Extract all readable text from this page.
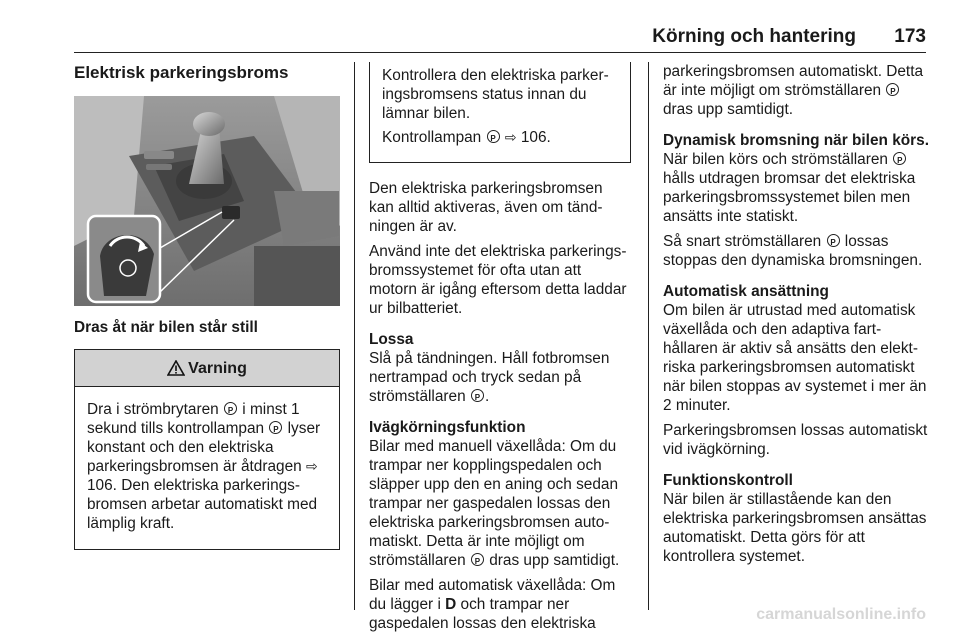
Körning och hantering 173
Elektrisk parkeringsbroms
Dras åt när bilen står still
Varning
Dra i strömbrytaren P i minst 1 sekund tills kontrollampan P lyser konstant och den elektriska parkeringsbromsen är åtdragen ⇨ 106. Den elektriska parkeringsbromsen arbetar automatiskt med lämplig kraft.

Kontrollera den elektriska parkeringsbromsens status innan du lämnar bilen.

Kontrollampan P ⇨ 106.

Den elektriska parkeringsbromsen kan alltid aktiveras, även om tändningen är av.

Använd inte det elektriska parkeringsbromssystemet för ofta utan att motorn är igång eftersom detta laddar ur bilbatteriet.

Lossa

Slå på tändningen. Håll fotbromsen nertrampad och tryck sedan på strömställaren P.

Ivägkörningsfunktion

Bilar med manuell växellåda: Om du trampar ner kopplingspedalen och släpper upp den en aning och sedan trampar ner gaspedalen lossas den elektriska parkeringsbromsen automatiskt. Detta är inte möjligt om strömställaren P dras upp samtidigt.

Bilar med automatisk växellåda: Om du lägger i D och trampar ner gaspedalen lossas den elektriska

parkeringsbromsen automatiskt. Detta är inte möjligt om strömställaren P dras upp samtidigt.

Dynamisk bromsning när bilen körs.

När bilen körs och strömställaren P hålls utdragen bromsar det elektriska parkeringsbromssystemet bilen men ansätts inte statiskt.

Så snart strömställaren P lossas stoppas den dynamiska bromsningen.

Automatisk ansättning

Om bilen är utrustad med automatisk växellåda och den adaptiva farthållaren är aktiv så ansätts den elektriska parkeringsbromsen automatiskt när bilen stoppas av systemet i mer än 2 minuter.

Parkeringsbromsen lossas automatiskt vid ivägkörning.

Funktionskontroll

När bilen är stillastående kan den elektriska parkeringsbromsen ansättas automatiskt. Detta görs för att kontrollera systemet.

carmanualsonline.info
